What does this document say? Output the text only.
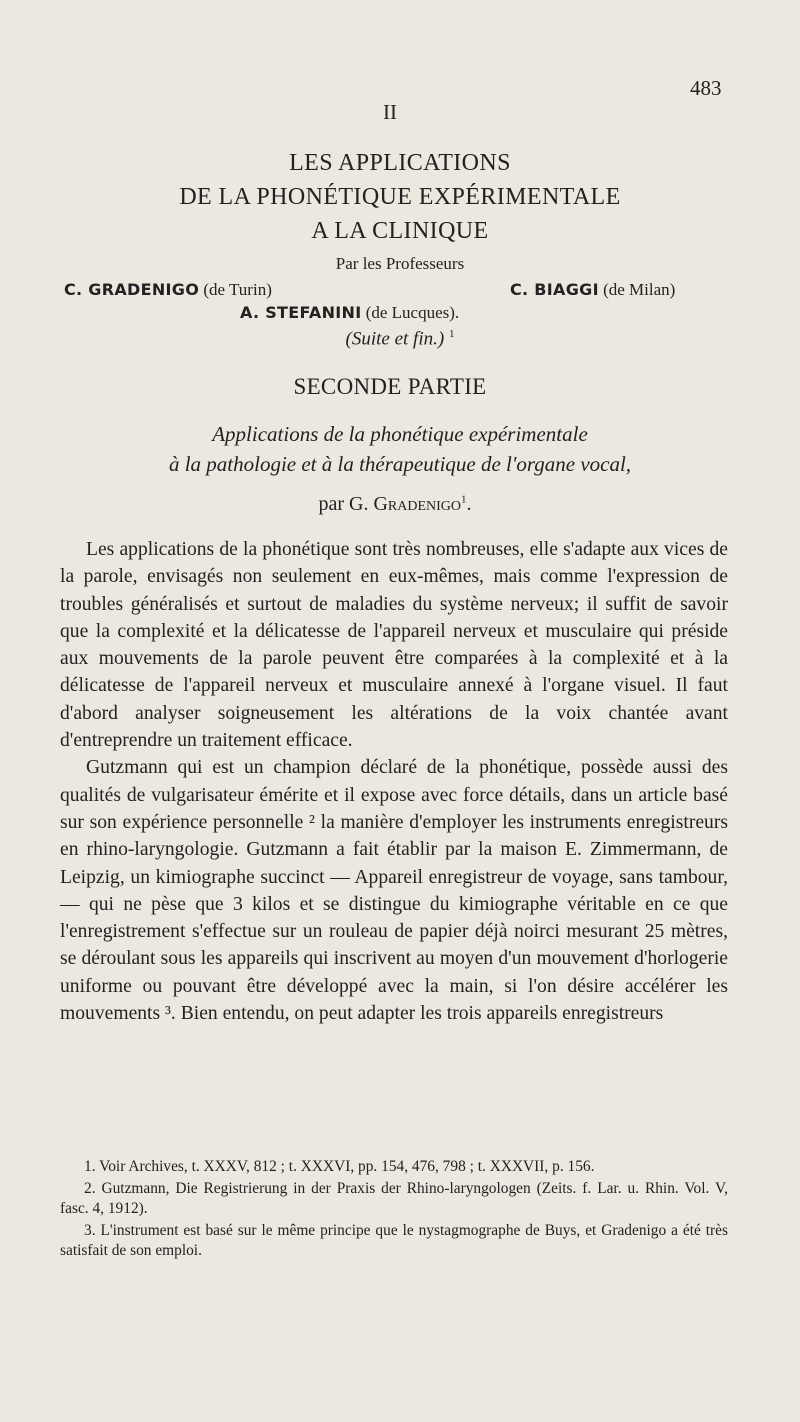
483
II
LES APPLICATIONS
DE LA PHONÉTIQUE EXPÉRIMENTALE
A LA CLINIQUE
Par les Professeurs
C. GRADENIGO (de Turin)	C. BIAGGI (de Milan)
A. STEFANINI (de Lucques).
(Suite et fin.) $^1$
SECONDE PARTIE
Applications de la phonétique expérimentale
à la pathologie et à la thérapeutique de l'organe vocal,
par G. Gradenigo$^1$.

Les applications de la phonétique sont très nombreuses, elle s'adapte aux vices de la parole, envisagés non seulement en eux-mêmes, mais comme l'expression de troubles généralisés et surtout de maladies du système nerveux; il suffit de savoir que la complexité et la délicatesse de l'appareil nerveux et musculaire qui préside aux mouvements de la parole peuvent être comparées à la complexité et à la délicatesse de l'appareil nerveux et musculaire annexé à l'organe visuel. Il faut d'abord analyser soigneusement les altérations de la voix chantée avant d'entreprendre un traitement efficace.

Gutzmann qui est un champion déclaré de la phonétique, possède aussi des qualités de vulgarisateur émérite et il expose avec force détails, dans un article basé sur son expérience personnelle ² la manière d'employer les instruments enregistreurs en rhino-laryngologie. Gutzmann a fait établir par la maison E. Zimmermann, de Leipzig, un kimiographe succinct — Appareil enregistreur de voyage, sans tambour, — qui ne pèse que 3 kilos et se distingue du kimiographe véritable en ce que l'enregistrement s'effectue sur un rouleau de papier déjà noirci mesurant 25 mètres, se déroulant sous les appareils qui inscrivent au moyen d'un mouvement d'horlogerie uniforme ou pouvant être développé avec la main, si l'on désire accélérer les mouvements ³. Bien entendu, on peut adapter les trois appareils enregistreurs

1. Voir Archives, t. XXXV, 812 ; t. XXXVI, pp. 154, 476, 798 ; t. XXXVII, p. 156.

2. Gutzmann, Die Registrierung in der Praxis der Rhino-laryngologen (Zeits. f. Lar. u. Rhin. Vol. V, fasc. 4, 1912).

3. L'instrument est basé sur le même principe que le nystagmographe de Buys, et Gradenigo a été très satisfait de son emploi.
